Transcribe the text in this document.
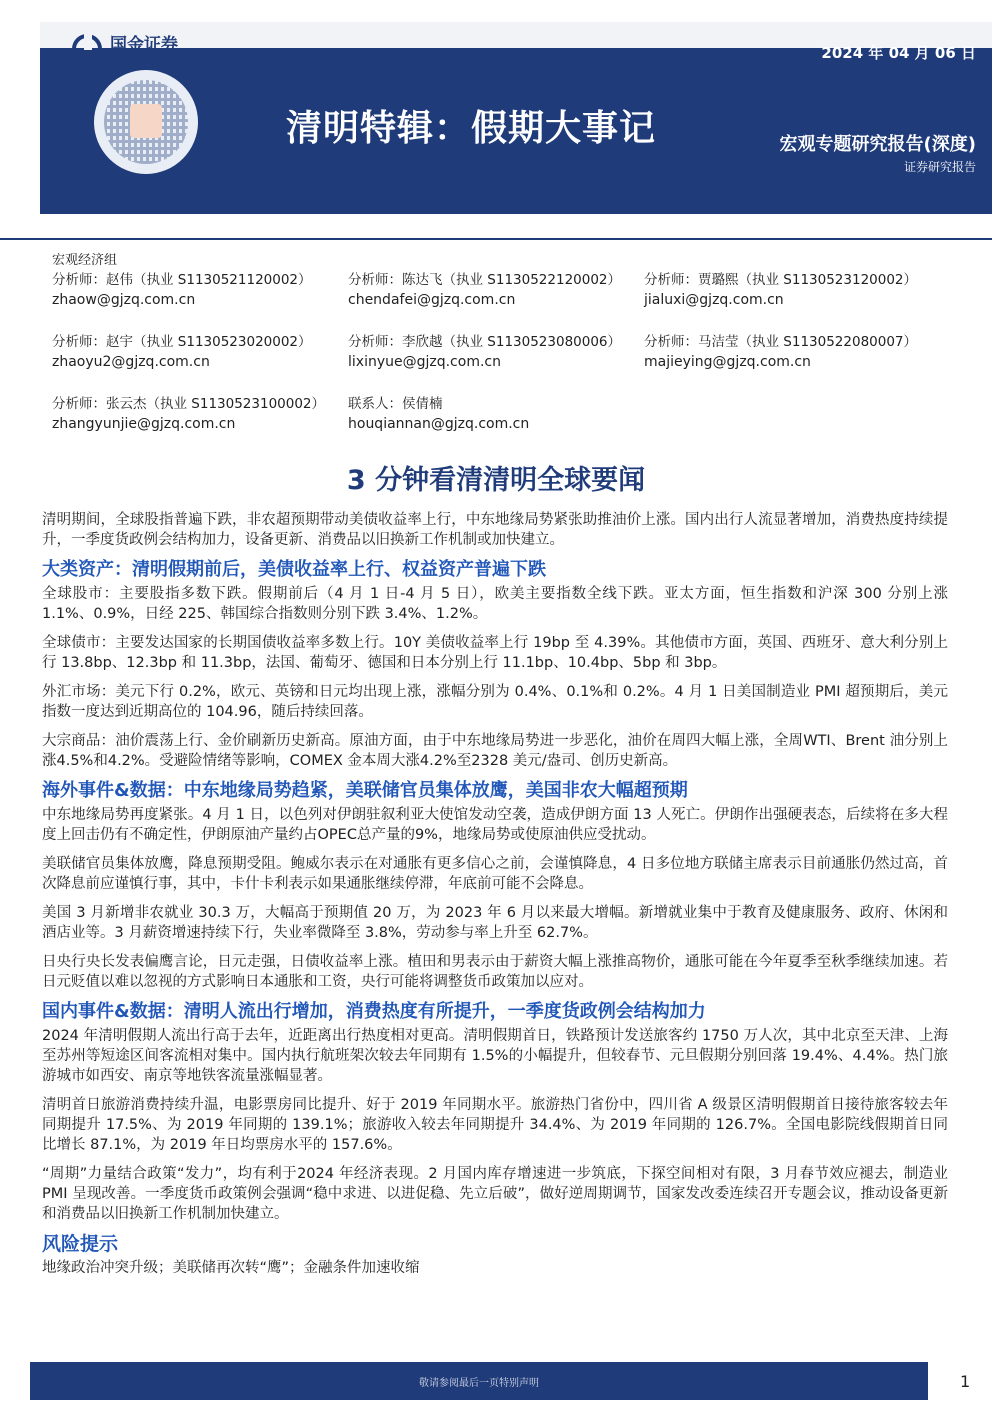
国金证券
SINOLINK SECURITIES	2024 年 04 月 06 日
清明特辑：假期大事记	宏观专题研究报告(深度)
证券研究报告
宏观经济组
分析师：赵伟（执业 S1130521120002）
zhaow@gjzq.com.cn
分析师：陈达飞（执业 S1130522120002）
chendafei@gjzq.com.cn
分析师：贾璐熙（执业 S1130523120002）
jialuxi@gjzq.com.cn
分析师：赵宇（执业 S1130523020002）
zhaoyu2@gjzq.com.cn
分析师：李欣越（执业 S1130523080006）
lixinyue@gjzq.com.cn
分析师：马洁莹（执业 S1130522080007）
majieying@gjzq.com.cn
分析师：张云杰（执业 S1130523100002）
zhangyunjie@gjzq.com.cn
联系人：侯倩楠
houqiannan@gjzq.com.cn
3 分钟看清清明全球要闻

清明期间，全球股指普遍下跌，非农超预期带动美债收益率上行，中东地缘局势紧张助推油价上涨。国内出行人流显著增加，消费热度持续提升，一季度货政例会结构加力，设备更新、消费品以旧换新工作机制或加快建立。

大类资产：清明假期前后，美债收益率上行、权益资产普遍下跌

全球股市：主要股指多数下跌。假期前后（4 月 1 日-4 月 5 日），欧美主要指数全线下跌。亚太方面，恒生指数和沪深 300 分别上涨 1.1%、0.9%，日经 225、韩国综合指数则分别下跌 3.4%、1.2%。

全球债市：主要发达国家的长期国债收益率多数上行。10Y 美债收益率上行 19bp 至 4.39%。其他债市方面，英国、西班牙、意大利分别上行 13.8bp、12.3bp 和 11.3bp，法国、葡萄牙、德国和日本分别上行 11.1bp、10.4bp、5bp 和 3bp。

外汇市场：美元下行 0.2%，欧元、英镑和日元均出现上涨，涨幅分别为 0.4%、0.1%和 0.2%。4 月 1 日美国制造业 PMI 超预期后，美元指数一度达到近期高位的 104.96，随后持续回落。

大宗商品：油价震荡上行、金价刷新历史新高。原油方面，由于中东地缘局势进一步恶化，油价在周四大幅上涨，全周WTI、Brent 油分别上涨4.5%和4.2%。受避险情绪等影响，COMEX 金本周大涨4.2%至2328 美元/盎司、创历史新高。

海外事件&数据：中东地缘局势趋紧，美联储官员集体放鹰，美国非农大幅超预期

中东地缘局势再度紧张。4 月 1 日，以色列对伊朗驻叙利亚大使馆发动空袭，造成伊朗方面 13 人死亡。伊朗作出强硬表态，后续将在多大程度上回击仍有不确定性，伊朗原油产量约占OPEC总产量的9%，地缘局势或使原油供应受扰动。

美联储官员集体放鹰，降息预期受阻。鲍威尔表示在对通胀有更多信心之前，会谨慎降息，4 日多位地方联储主席表示目前通胀仍然过高，首次降息前应谨慎行事，其中，卡什卡利表示如果通胀继续停滞，年底前可能不会降息。

美国 3 月新增非农就业 30.3 万，大幅高于预期值 20 万，为 2023 年 6 月以来最大增幅。新增就业集中于教育及健康服务、政府、休闲和酒店业等。3 月薪资增速持续下行，失业率微降至 3.8%，劳动参与率上升至 62.7%。

日央行央长发表偏鹰言论，日元走强，日债收益率上涨。植田和男表示由于薪资大幅上涨推高物价，通胀可能在今年夏季至秋季继续加速。若日元贬值以难以忽视的方式影响日本通胀和工资，央行可能将调整货币政策加以应对。

国内事件&数据：清明人流出行增加，消费热度有所提升，一季度货政例会结构加力

2024 年清明假期人流出行高于去年，近距离出行热度相对更高。清明假期首日，铁路预计发送旅客约 1750 万人次，其中北京至天津、上海至苏州等短途区间客流相对集中。国内执行航班架次较去年同期有 1.5%的小幅提升，但较春节、元旦假期分别回落 19.4%、4.4%。热门旅游城市如西安、南京等地铁客流量涨幅显著。

清明首日旅游消费持续升温，电影票房同比提升、好于 2019 年同期水平。旅游热门省份中，四川省 A 级景区清明假期首日接待旅客较去年同期提升 17.5%、为 2019 年同期的 139.1%；旅游收入较去年同期提升 34.4%、为 2019 年同期的 126.7%。全国电影院线假期首日同比增长 87.1%，为 2019 年日均票房水平的 157.6%。

“周期”力量结合政策“发力”，均有利于2024 年经济表现。2 月国内库存增速进一步筑底，下探空间相对有限，3 月春节效应褪去，制造业 PMI 呈现改善。一季度货币政策例会强调“稳中求进、以进促稳、先立后破”，做好逆周期调节，国家发改委连续召开专题会议，推动设备更新和消费品以旧换新工作机制加快建立。

风险提示

地缘政治冲突升级；美联储再次转“鹰”；金融条件加速收缩

敬请参阅最后一页特别声明	1
